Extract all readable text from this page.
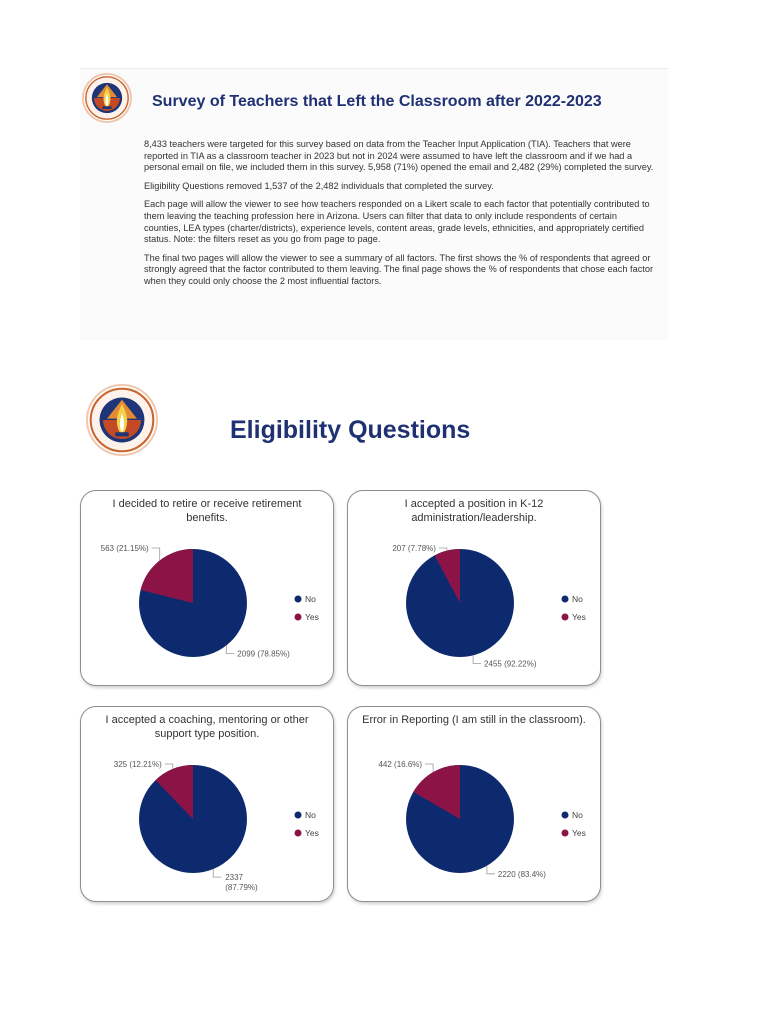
Survey of Teachers that Left the Classroom after 2022-2023

8,433 teachers were targeted for this survey based on data from the Teacher Input Application (TIA). Teachers that were reported in TIA as a classroom teacher in 2023 but not in 2024 were assumed to have left the classroom and if we had a personal email on file, we included them in this survey. 5,958 (71%) opened the email and 2,482 (29%) completed the survey.

Eligibility Questions removed 1,537 of the 2,482 individuals that completed the survey.

Each page will allow the viewer to see how teachers responded on a Likert scale to each factor that potentially contributed to them leaving the teaching profession here in Arizona. Users can filter that data to only include respondents of certain counties, LEA types (charter/districts), experience levels, content areas, grade levels, ethnicities, and appropriately certified status. Note: the filters reset as you go from page to page.

The final two pages will allow the viewer to see a summary of all factors. The first shows the % of respondents that agreed or strongly agreed that the factor contributed to them leaving. The final page shows the % of respondents that chose each factor when they could only choose the 2 most influential factors.

Eligibility Questions
I decided to retire or receive retirement benefits.
563 (21.15%)
2099 (78.85%)
No
Yes
I accepted a position in K-12 administration/leadership.
207 (7.78%)
2455 (92.22%)
No
Yes
I accepted a coaching, mentoring or other support type position.
325 (12.21%)
2337 (87.79%)
No
Yes
Error in Reporting (I am still in the classroom).
442 (16.6%)
2220 (83.4%)
No
Yes
